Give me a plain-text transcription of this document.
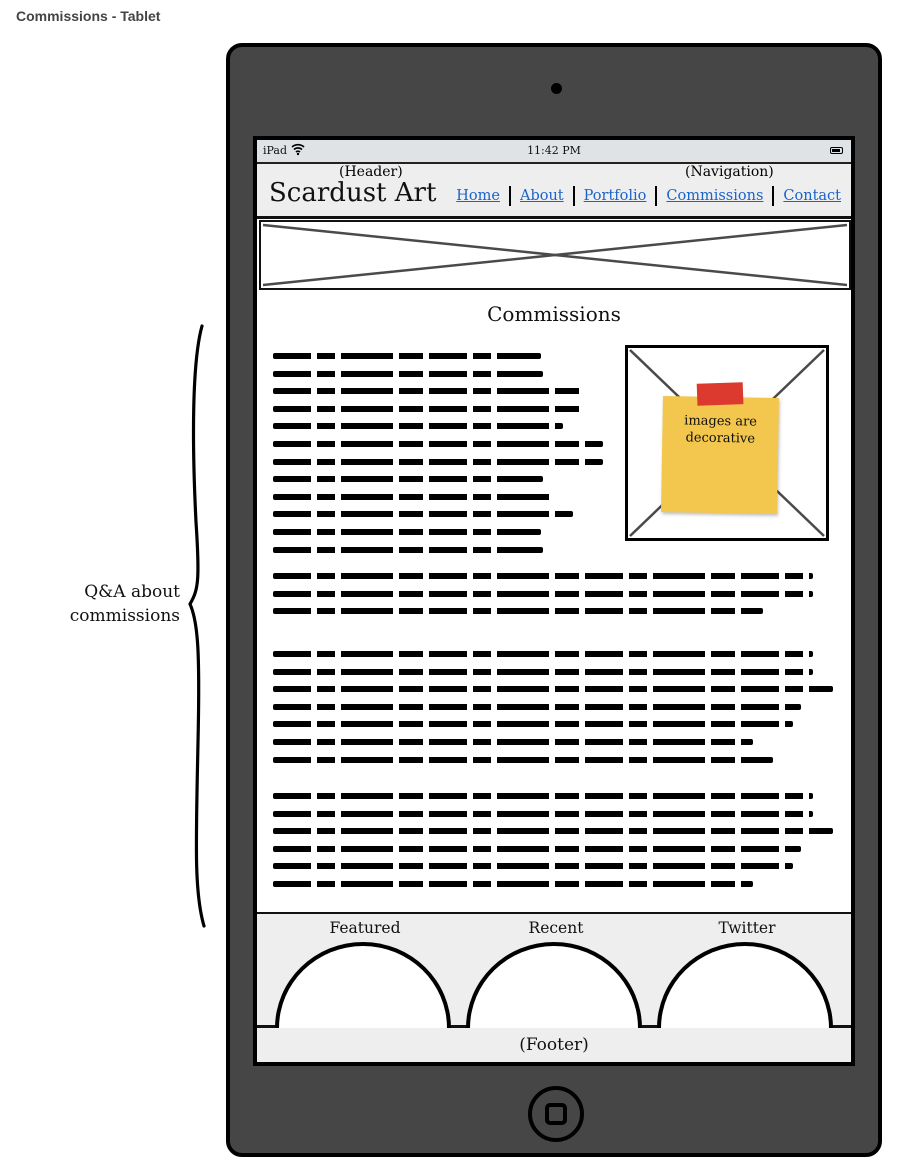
Commissions - Tablet
Q&A about
commissions
iPad	11:42 PM
(Header)	(Navigation)
Scardust Art Home About Portfolio Commissions Contact
Commissions
images are
decorative
Featured	Recent	Twitter
(Footer)
